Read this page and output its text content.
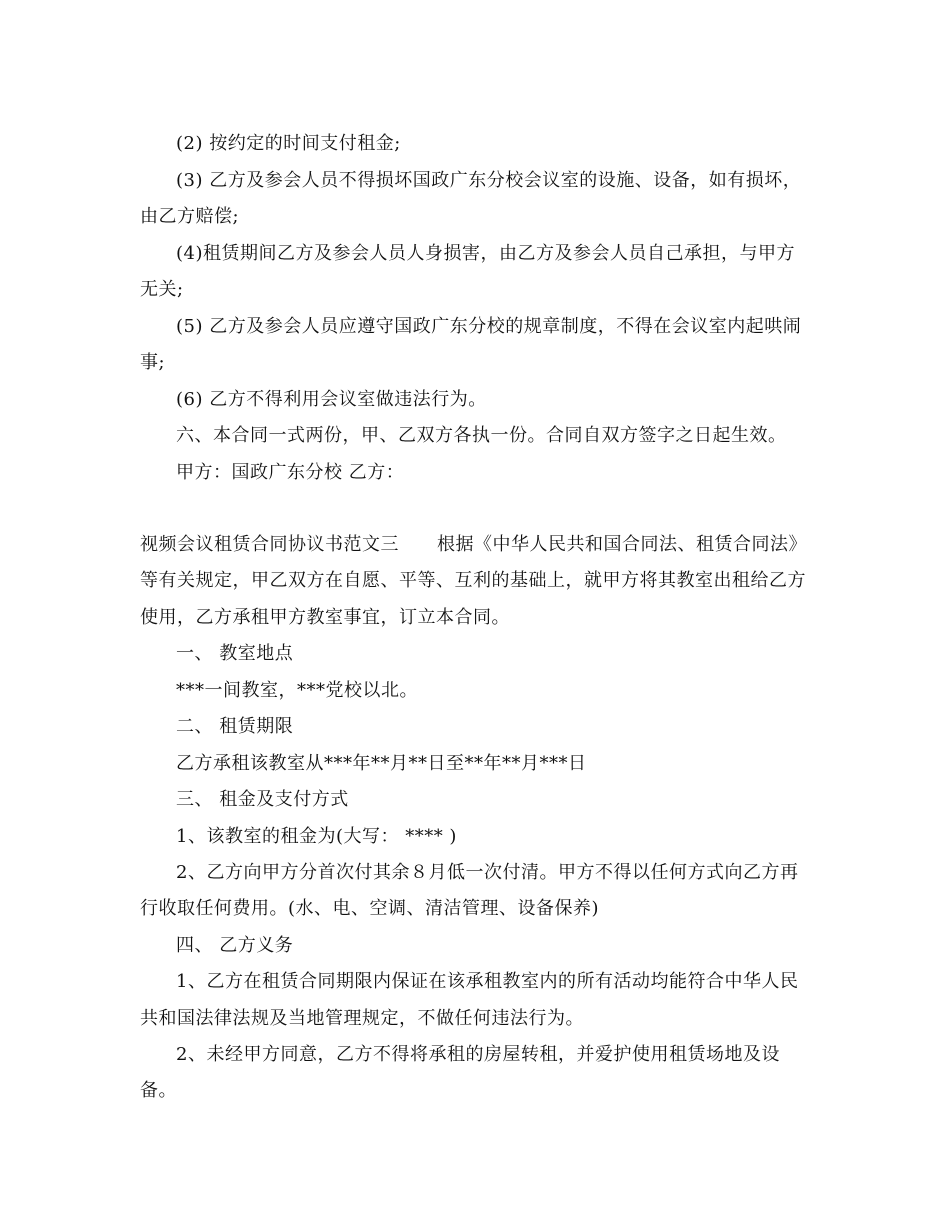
(2) 按约定的时间支付租金;
(3) 乙方及参会人员不得损坏国政广东分校会议室的设施、设备，如有损坏，
由乙方赔偿;
(4)租赁期间乙方及参会人员人身损害，由乙方及参会人员自己承担，与甲方
无关;
(5) 乙方及参会人员应遵守国政广东分校的规章制度，不得在会议室内起哄闹
事;
(6) 乙方不得利用会议室做违法行为。
六、本合同一式两份，甲、乙双方各执一份。合同自双方签字之日起生效。
甲方：国政广东分校 乙方：
视频会议租赁合同协议书范文三 根据《中华人民共和国合同法、租赁合同法》
等有关规定，甲乙双方在自愿、平等、互利的基础上，就甲方将其教室出租给乙方
使用，乙方承租甲方教室事宜，订立本合同。
一、 教室地点
***一间教室，***党校以北。
二、 租赁期限
乙方承租该教室从***年**月**日至**年**月***日
三、 租金及支付方式
1、该教室的租金为(大写： **** )
2、乙方向甲方分首次付其余８月低一次付清。甲方不得以任何方式向乙方再
行收取任何费用。(水、电、空调、清洁管理、设备保养)
四、 乙方义务
1、乙方在租赁合同期限内保证在该承租教室内的所有活动均能符合中华人民
共和国法律法规及当地管理规定，不做任何违法行为。
2、未经甲方同意，乙方不得将承租的房屋转租，并爱护使用租赁场地及设
备。
